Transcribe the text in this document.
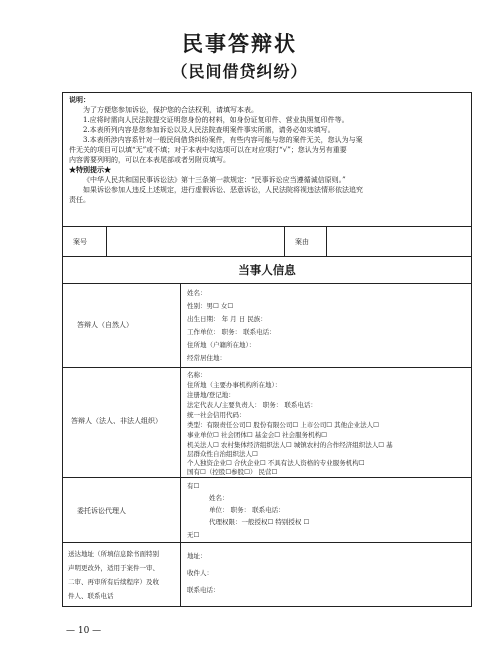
民事答辩状
（民间借贷纠纷）
说明：
为了方便您参加诉讼，保护您的合法权利，请填写本表。
1.应将时需向人民法院提交证明您身份的材料，如身份证复印件、营业执照复印件等。
2.本表所列内容是您参加诉讼以及人民法院查明案件事实所需，请务必如实填写。
3.本表所涉内容系针对一般民间借贷纠纷案件，有些内容可能与您的案件无关，您认为与案
件无关的项目可以填“无”或不填；对于本表中勾选项可以在对应项打“√”；您认为另有重要
内容需要列明的，可以在本表尾部或者另附页填写。
★特别提示★
《中华人民共和国民事诉讼法》第十三条第一款规定：“民事诉讼应当遵循诚信原则。”
如果诉讼参加人违反上述规定，进行虚假诉讼、恶意诉讼，人民法院将视违法情形依法追究
责任。
案号	案由
当事人信息
答辩人（自然人）
姓名：
性别：男☐ 女☐
出生日期： 年 月 日 民族：
工作单位： 职务： 联系电话：
住所地（户籍所在地）：
经常居住地：
答辩人（法人、非法人组织）
名称：
住所地（主要办事机构所在地）：
注册地/登记地：
法定代表人/主要负责人： 职务： 联系电话：
统一社会信用代码：
类型：有限责任公司☐ 股份有限公司☐ 上市公司☐ 其他企业法人☐
事业单位☐ 社会团体☐ 基金会☐ 社会服务机构☐
机关法人☐ 农村集体经济组织法人☐ 城镇农村的合作经济组织法人☐ 基
层群众性自治组织法人☐
个人独资企业☐ 合伙企业☐ 不具有法人资格的专业服务机构☐
国有☐（控股☐参股☐） 民营☐
委托诉讼代理人
有☐
姓名：
单位： 职务： 联系电话：
代理权限：一般授权☐ 特别授权 ☐
无☐
送达地址（所填信息除书面特别
声明更改外，适用于案件一审、
二审、再审所有后续程序）及收
件人、联系电话
地址：
收件人：
联系电话：
— 10 —
